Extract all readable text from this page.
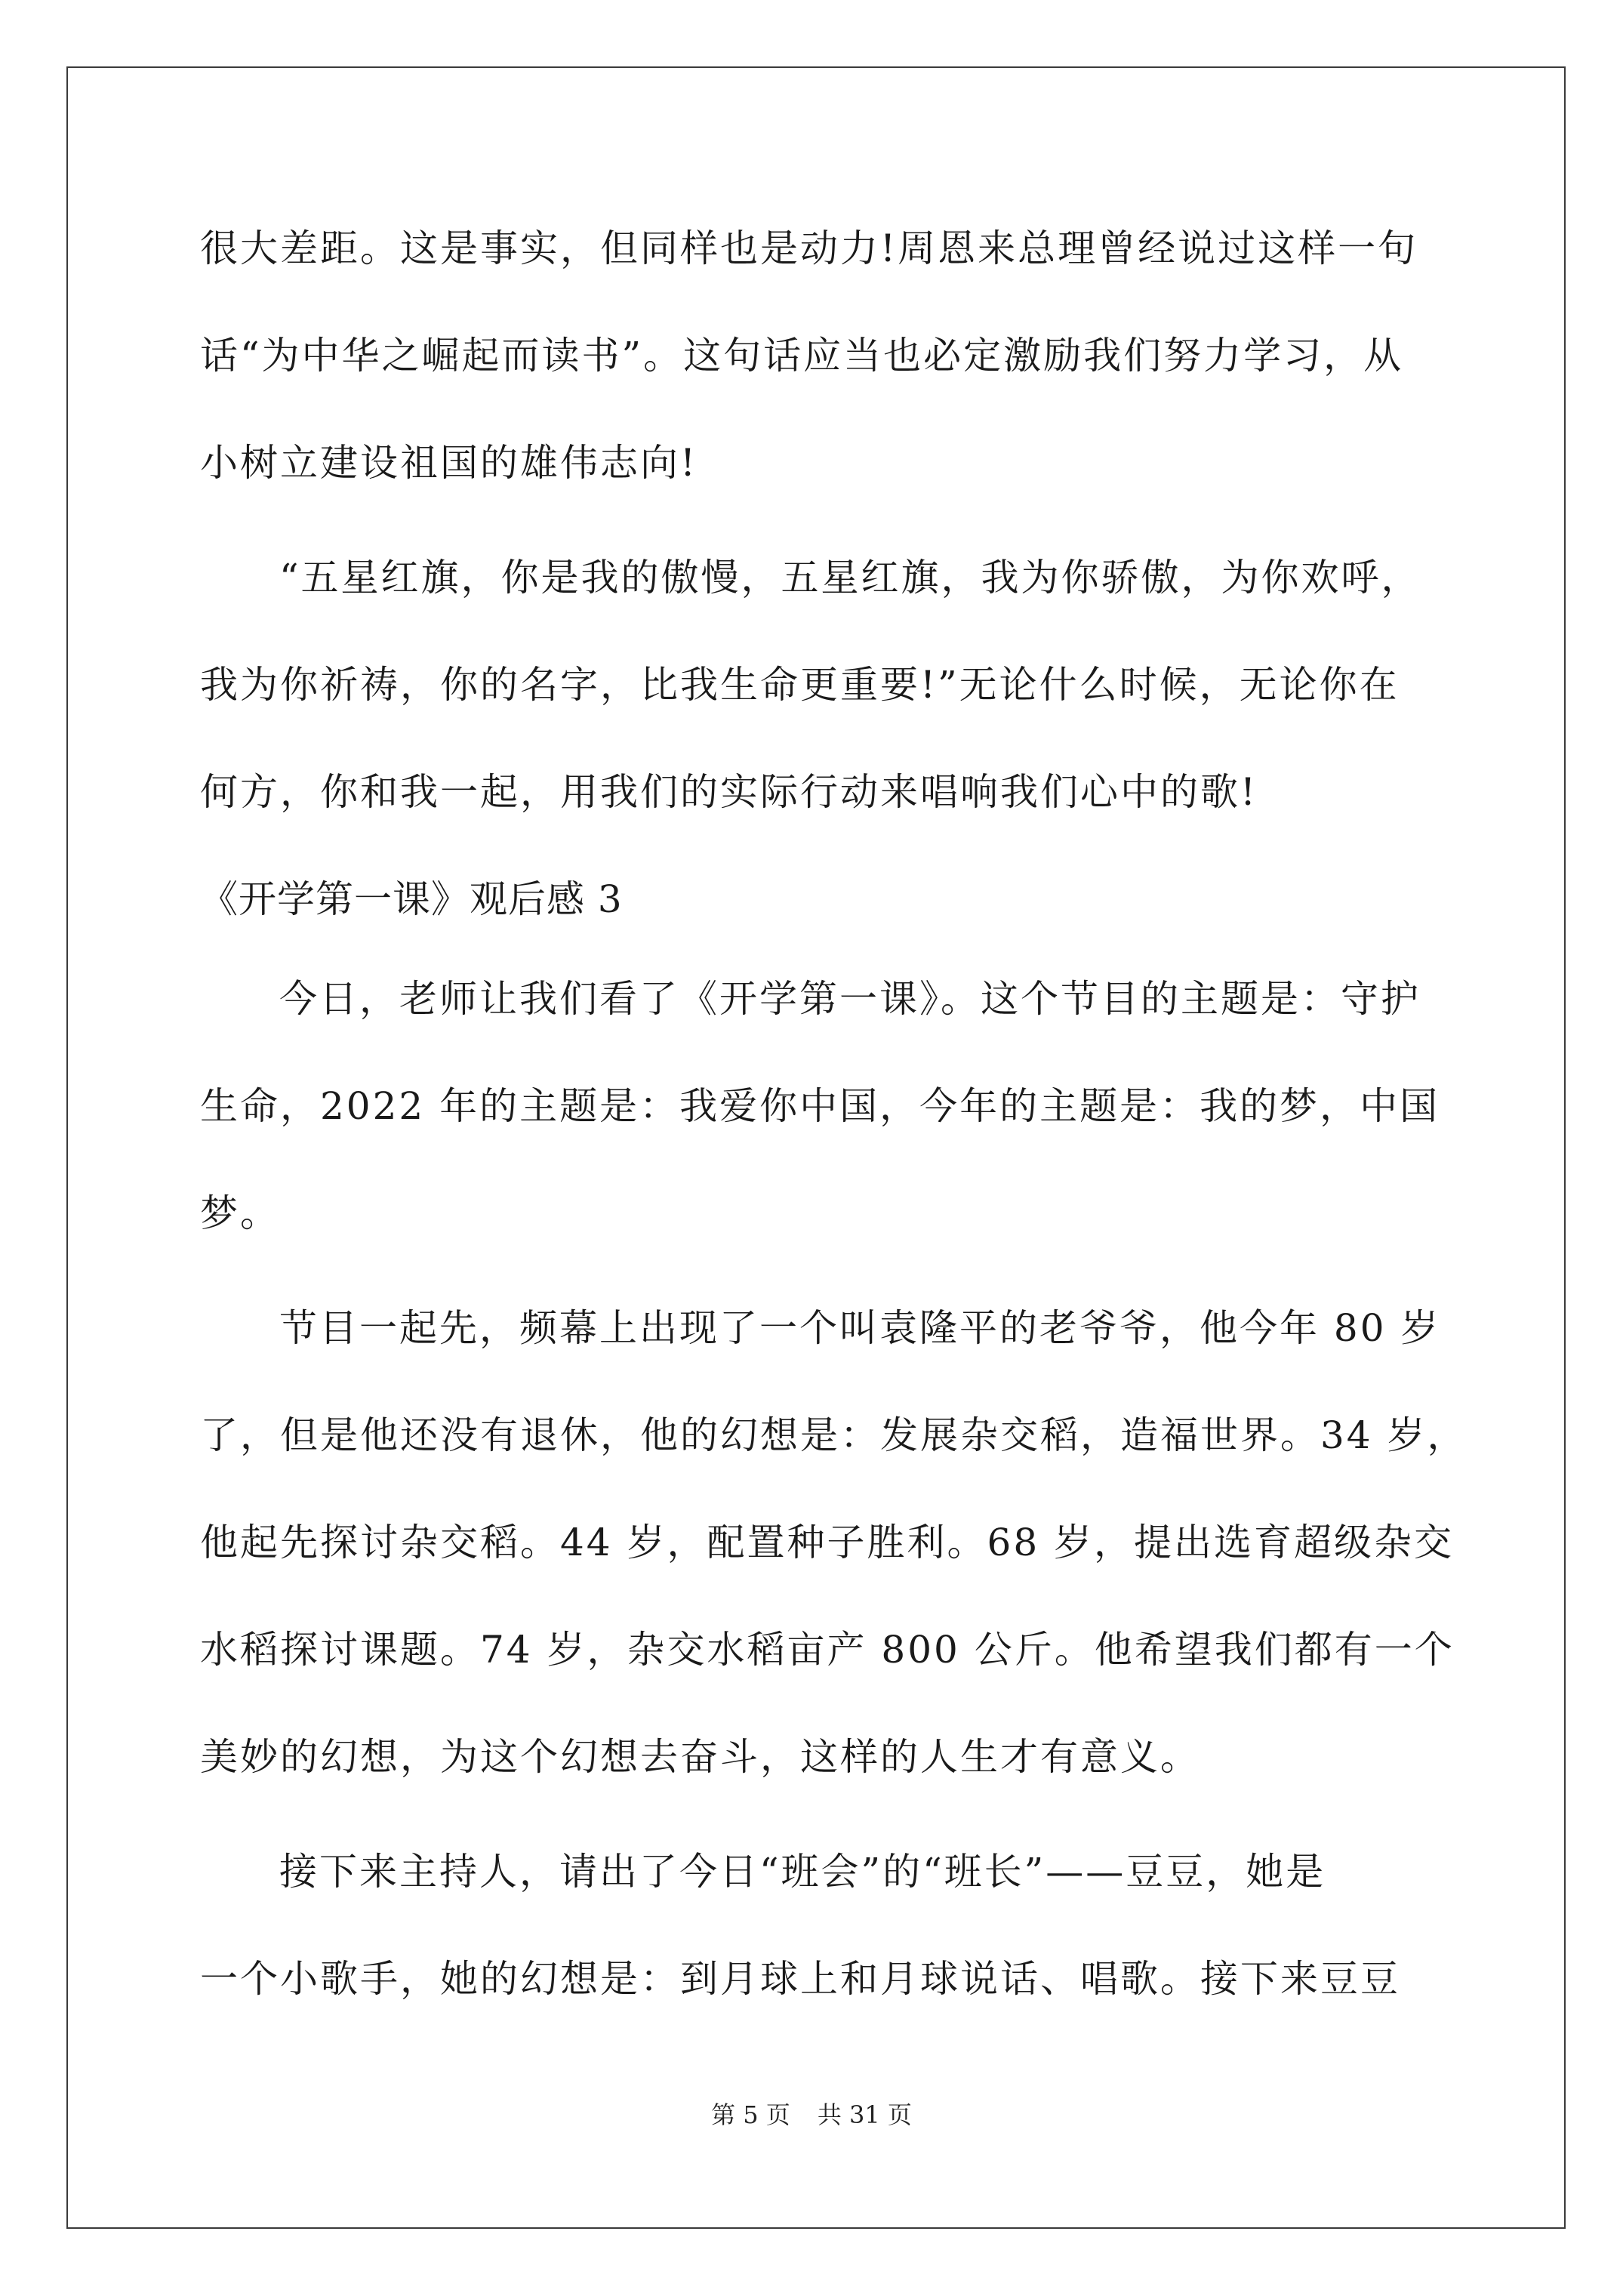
很大差距。这是事实，但同样也是动力!周恩来总理曾经说过这样一句
话“为中华之崛起而读书”。这句话应当也必定激励我们努力学习，从
小树立建设祖国的雄伟志向!
“五星红旗，你是我的傲慢，五星红旗，我为你骄傲，为你欢呼，
我为你祈祷，你的名字，比我生命更重要!”无论什么时候，无论你在
何方，你和我一起，用我们的实际行动来唱响我们心中的歌!
《开学第一课》观后感 3
今日，老师让我们看了《开学第一课》。这个节目的主题是：守护
生命，2022 年的主题是：我爱你中国，今年的主题是：我的梦，中国
梦。
节目一起先，频幕上出现了一个叫袁隆平的老爷爷，他今年 80 岁
了，但是他还没有退休，他的幻想是：发展杂交稻，造福世界。34 岁，
他起先探讨杂交稻。44 岁，配置种子胜利。68 岁，提出选育超级杂交
水稻探讨课题。74 岁，杂交水稻亩产 800 公斤。他希望我们都有一个
美妙的幻想，为这个幻想去奋斗，这样的人生才有意义。
接下来主持人，请出了今日“班会”的“班长”——豆豆，她是
一个小歌手，她的幻想是：到月球上和月球说话、唱歌。接下来豆豆
第 5 页 共 31 页
